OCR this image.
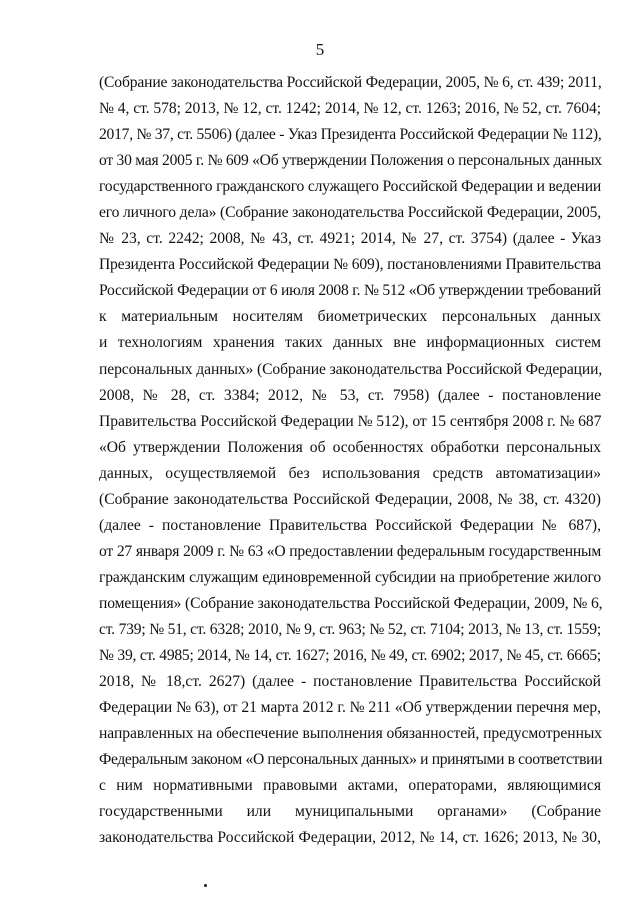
5
(Собрание законодательства Российской Федерации, 2005, № 6, ст. 439; 2011,
№ 4, ст. 578; 2013, № 12, ст. 1242; 2014, № 12, ст. 1263; 2016, № 52, ст. 7604;
2017, № 37, ст. 5506) (далее - Указ Президента Российской Федерации № 112),
от 30 мая 2005 г. № 609 «Об утверждении Положения о персональных данных
государственного гражданского служащего Российской Федерации и ведении
его личного дела» (Собрание законодательства Российской Федерации, 2005,
№ 23, ст. 2242; 2008, № 43, ст. 4921; 2014, № 27, ст. 3754) (далее - Указ
Президента Российской Федерации № 609), постановлениями Правительства
Российской Федерации от 6 июля 2008 г. № 512 «Об утверждении требований
к материальным носителям биометрических персональных данных
и технологиям хранения таких данных вне информационных систем
персональных данных» (Собрание законодательства Российской Федерации,
2008, № 28, ст. 3384; 2012, № 53, ст. 7958) (далее - постановление
Правительства Российской Федерации № 512), от 15 сентября 2008 г. № 687
«Об утверждении Положения об особенностях обработки персональных
данных, осуществляемой без использования средств автоматизации»
(Собрание законодательства Российской Федерации, 2008, № 38, ст. 4320)
(далее - постановление Правительства Российской Федерации № 687),
от 27 января 2009 г. № 63 «О предоставлении федеральным государственным
гражданским служащим единовременной субсидии на приобретение жилого
помещения» (Собрание законодательства Российской Федерации, 2009, № 6,
ст. 739; № 51, ст. 6328; 2010, № 9, ст. 963; № 52, ст. 7104; 2013, № 13, ст. 1559;
№ 39, ст. 4985; 2014, № 14, ст. 1627; 2016, № 49, ст. 6902; 2017, № 45, ст. 6665;
2018, № 18,ст. 2627) (далее - постановление Правительства Российской
Федерации № 63), от 21 марта 2012 г. № 211 «Об утверждении перечня мер,
направленных на обеспечение выполнения обязанностей, предусмотренных
Федеральным законом «О персональных данных» и принятыми в соответствии
с ним нормативными правовыми актами, операторами, являющимися
государственными или муниципальными органами» (Собрание
законодательства Российской Федерации, 2012, № 14, ст. 1626; 2013, № 30,
